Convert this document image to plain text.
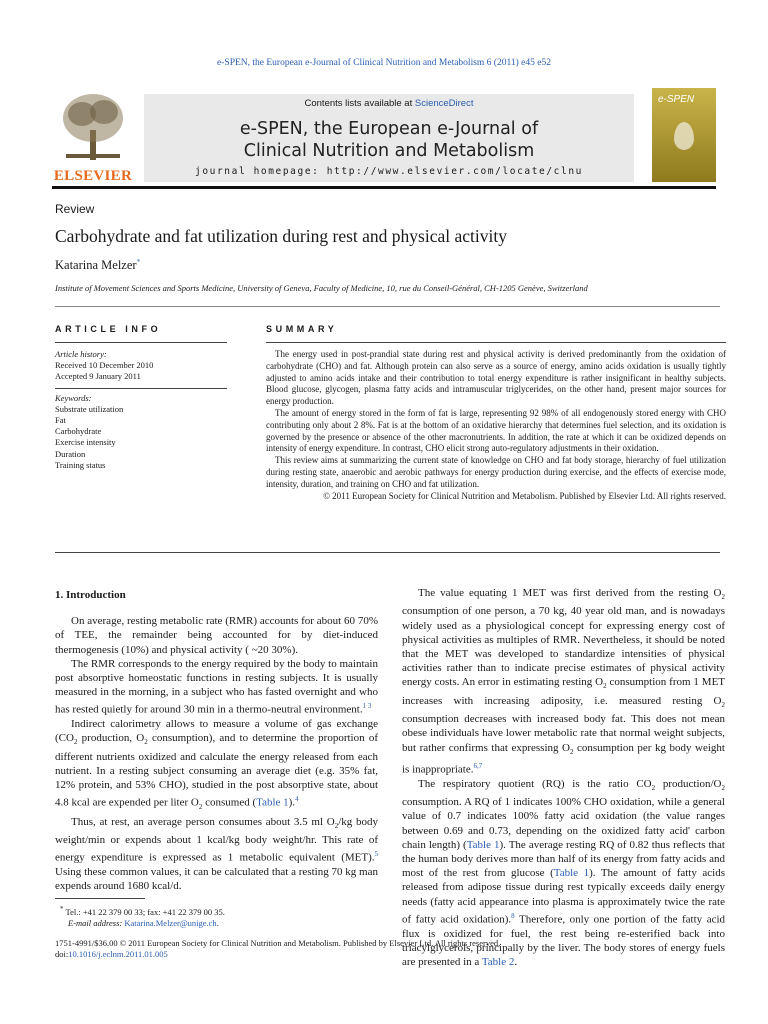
e-SPEN, the European e-Journal of Clinical Nutrition and Metabolism 6 (2011) e45 e52
ELSEVIER
Contents lists available at ScienceDirect
e-SPEN, the European e-Journal of
Clinical Nutrition and Metabolism
journal homepage: http://www.elsevier.com/locate/clnu
e-SPEN
Review
Carbohydrate and fat utilization during rest and physical activity
Katarina Melzer*
Institute of Movement Sciences and Sports Medicine, University of Geneva, Faculty of Medicine, 10, rue du Conseil-Général, CH-1205 Genève, Switzerland
ARTICLE INFO	SUMMARY
Article history:
Received 10 December 2010
Accepted 9 January 2011
Keywords:
Substrate utilization
Fat
Carbohydrate
Exercise intensity
Duration
Training status

The energy used in post-prandial state during rest and physical activity is derived predominantly from the oxidation of carbohydrate (CHO) and fat. Although protein can also serve as a source of energy, amino acids oxidation is usually tightly adjusted to amino acids intake and their contribution to total energy expenditure is rather insignificant in healthy subjects. Blood glucose, glycogen, plasma fatty acids and intramuscular triglycerides, on the other hand, present major sources for energy production.

The amount of energy stored in the form of fat is large, representing 92 98% of all endogenously stored energy with CHO contributing only about 2 8%. Fat is at the bottom of an oxidative hierarchy that determines fuel selection, and its oxidation is governed by the presence or absence of the other macronutrients. In addition, the rate at which it can be oxidized depends on intensity of energy expenditure. In contrast, CHO elicit strong auto-regulatory adjustments in their oxidation.

This review aims at summarizing the current state of knowledge on CHO and fat body storage, hierarchy of fuel utilization during resting state, anaerobic and aerobic pathways for energy production during exercise, and the effects of exercise mode, intensity, duration, and training on CHO and fat utilization.

© 2011 European Society for Clinical Nutrition and Metabolism. Published by Elsevier Ltd. All rights reserved.

1. Introduction

On average, resting metabolic rate (RMR) accounts for about 60 70% of TEE, the remainder being accounted for by diet-induced thermogenesis (10%) and physical activity ( ~20 30%).

The RMR corresponds to the energy required by the body to maintain post absorptive homeostatic functions in resting subjects. It is usually measured in the morning, in a subject who has fasted overnight and who has rested quietly for around 30 min in a thermo-neutral environment.$^{1 3}$

Indirect calorimetry allows to measure a volume of gas exchange ($CO_2$ production, $O_2$ consumption), and to determine the proportion of different nutrients oxidized and calculate the energy released from each nutrient. In a resting subject consuming an average diet (e.g. 35% fat, 12% protein, and 53% CHO), studied in the post absorptive state, about 4.8 kcal are expended per liter $O_2$ consumed (Table 1).$^4$

Thus, at rest, an average person consumes about 3.5 ml $O_2/kg$ body weight/min or expends about 1 kcal/kg body weight/hr. This rate of energy expenditure is expressed as 1 metabolic equivalent (MET).$^5$ Using these common values, it can be calculated that a resting 70 kg man expends around 1680 kcal/d.

The value equating 1 MET was first derived from the resting $O_2$ consumption of one person, a 70 kg, 40 year old man, and is nowadays widely used as a physiological concept for expressing energy cost of physical activities as multiples of RMR. Nevertheless, it should be noted that the MET was developed to standardize intensities of physical activities rather than to indicate precise estimates of physical activity energy costs. An error in estimating resting $O_2$ consumption from 1 MET increases with increasing adiposity, i.e. measured resting $O_2$ consumption decreases with increased body fat. This does not mean obese individuals have lower metabolic rate that normal weight subjects, but rather confirms that expressing $O_2$ consumption per kg body weight is inappropriate.$^{6,7}$

The respiratory quotient (RQ) is the ratio $CO_2$ production/$O_2$ consumption. A RQ of 1 indicates 100% CHO oxidation, while a general value of 0.7 indicates 100% fatty acid oxidation (the value ranges between 0.69 and 0.73, depending on the oxidized fatty acid' carbon chain length) (Table 1). The average resting RQ of 0.82 thus reflects that the human body derives more than half of its energy from fatty acids and most of the rest from glucose (Table 1). The amount of fatty acids released from adipose tissue during rest typically exceeds daily energy needs (fatty acid appearance into plasma is approximately twice the rate of fatty acid oxidation).$^8$ Therefore, only one portion of the fatty acid flux is oxidized for fuel, the rest being re-esterified back into triacylglycerols, principally by the liver. The body stores of energy fuels are presented in a Table 2.

* Tel.: +41 22 379 00 33; fax: +41 22 379 00 35.
E-mail address: Katarina.Melzer@unige.ch.
1751-4991/$36.00 © 2011 European Society for Clinical Nutrition and Metabolism. Published by Elsevier Ltd. All rights reserved.
doi:10.1016/j.eclnm.2011.01.005
